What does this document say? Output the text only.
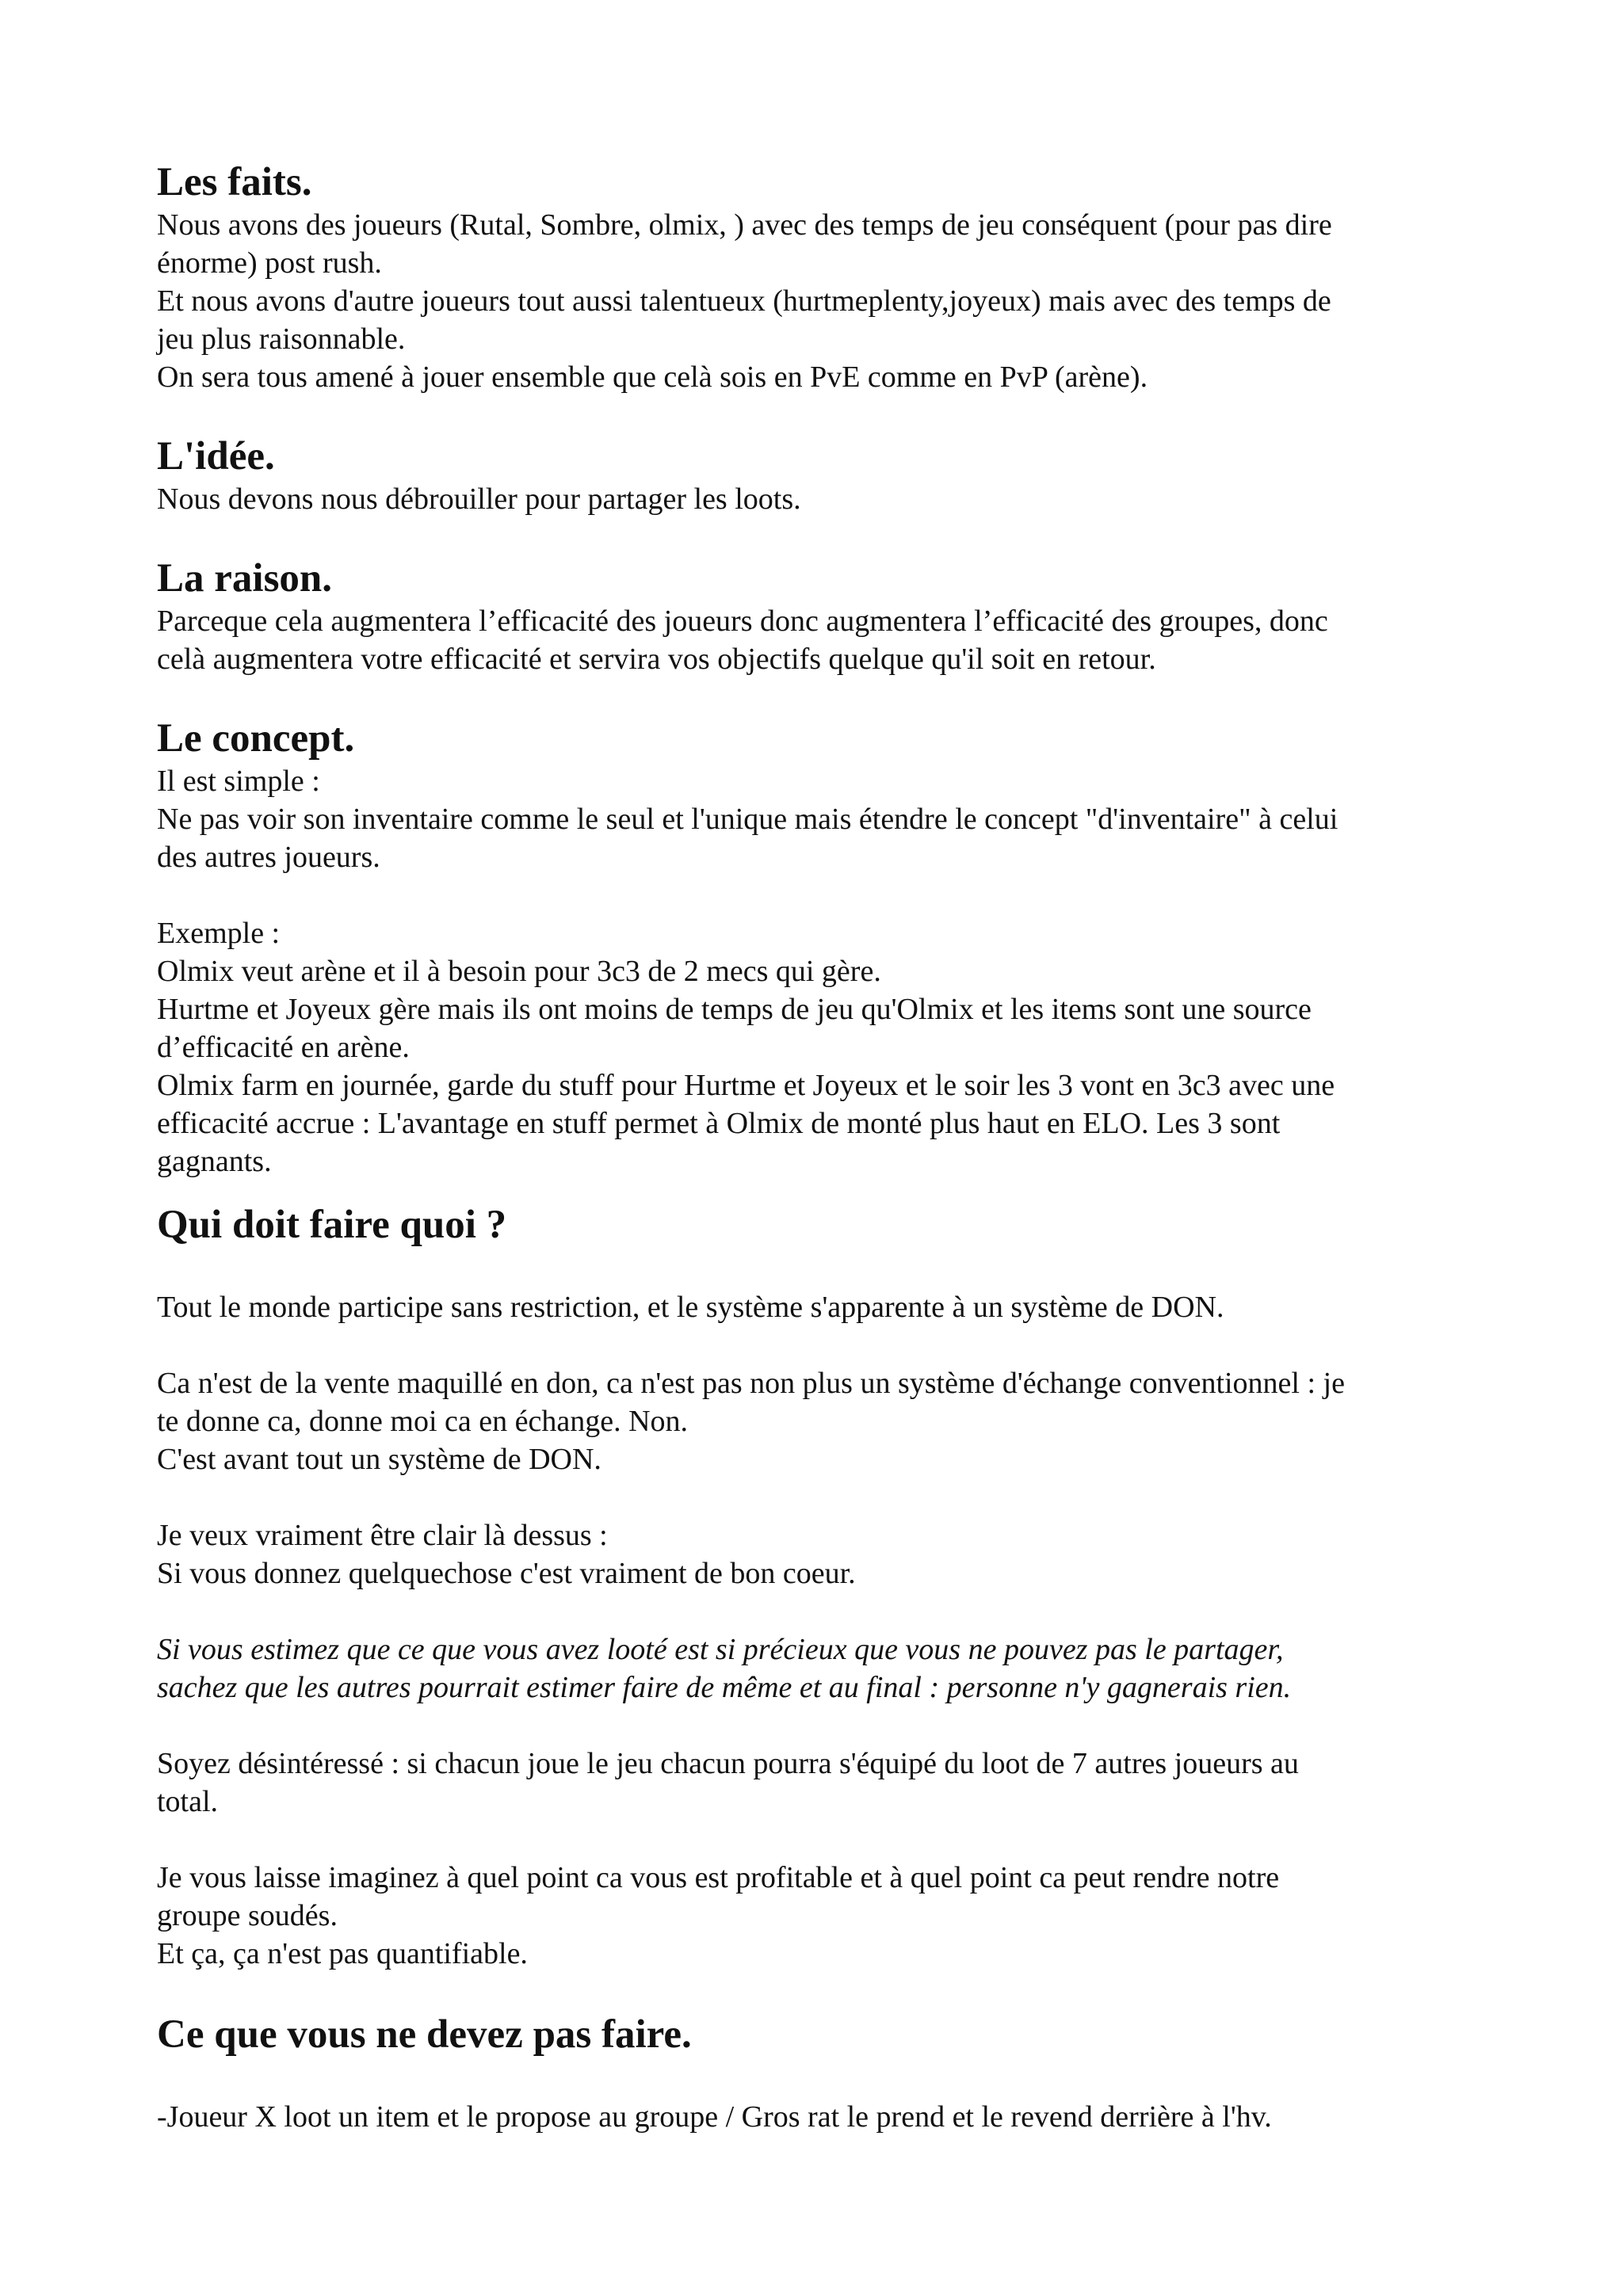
Les faits.

Nous avons des joueurs (Rutal, Sombre, olmix, ) avec des temps de jeu conséquent (pour pas dire

énorme) post rush.

Et nous avons d'autre joueurs tout aussi talentueux (hurtmeplenty,joyeux) mais avec des temps de

jeu plus raisonnable.

On sera tous amené à jouer ensemble que celà sois en PvE comme en PvP (arène).

L'idée.

Nous devons nous débrouiller pour partager les loots.

La raison.

Parceque cela augmentera l’efficacité des joueurs donc augmentera l’efficacité des groupes, donc

celà augmentera votre efficacité et servira vos objectifs quelque qu'il soit en retour.

Le concept.

Il est simple :

Ne pas voir son inventaire comme le seul et l'unique mais étendre le concept "d'inventaire" à celui

des autres joueurs.

Exemple :

Olmix veut arène et il à besoin pour 3c3 de 2 mecs qui gère.

Hurtme et Joyeux gère mais ils ont moins de temps de jeu qu'Olmix et les items sont une source

d’efficacité en arène.

Olmix farm en journée, garde du stuff pour Hurtme et Joyeux et le soir les 3 vont en 3c3 avec une

efficacité accrue : L'avantage en stuff permet à Olmix de monté plus haut en ELO. Les 3 sont

gagnants.

Qui doit faire quoi ?

Tout le monde participe sans restriction, et le système s'apparente à un système de DON.

Ca n'est de la vente maquillé en don, ca n'est pas non plus un système d'échange conventionnel : je

te donne ca, donne moi ca en échange. Non.

C'est avant tout un système de DON.

Je veux vraiment être clair là dessus :

Si vous donnez quelquechose c'est vraiment de bon coeur.

Si vous estimez que ce que vous avez looté est si précieux que vous ne pouvez pas le partager,

sachez que les autres pourrait estimer faire de même et au final : personne n'y gagnerais rien.

Soyez désintéressé : si chacun joue le jeu chacun pourra s'équipé du loot de 7 autres joueurs au

total.

Je vous laisse imaginez à quel point ca vous est profitable et à quel point ca peut rendre notre

groupe soudés.

Et ça, ça n'est pas quantifiable.

Ce que vous ne devez pas faire.

-Joueur X loot un item et le propose au groupe / Gros rat le prend et le revend derrière à l'hv.
